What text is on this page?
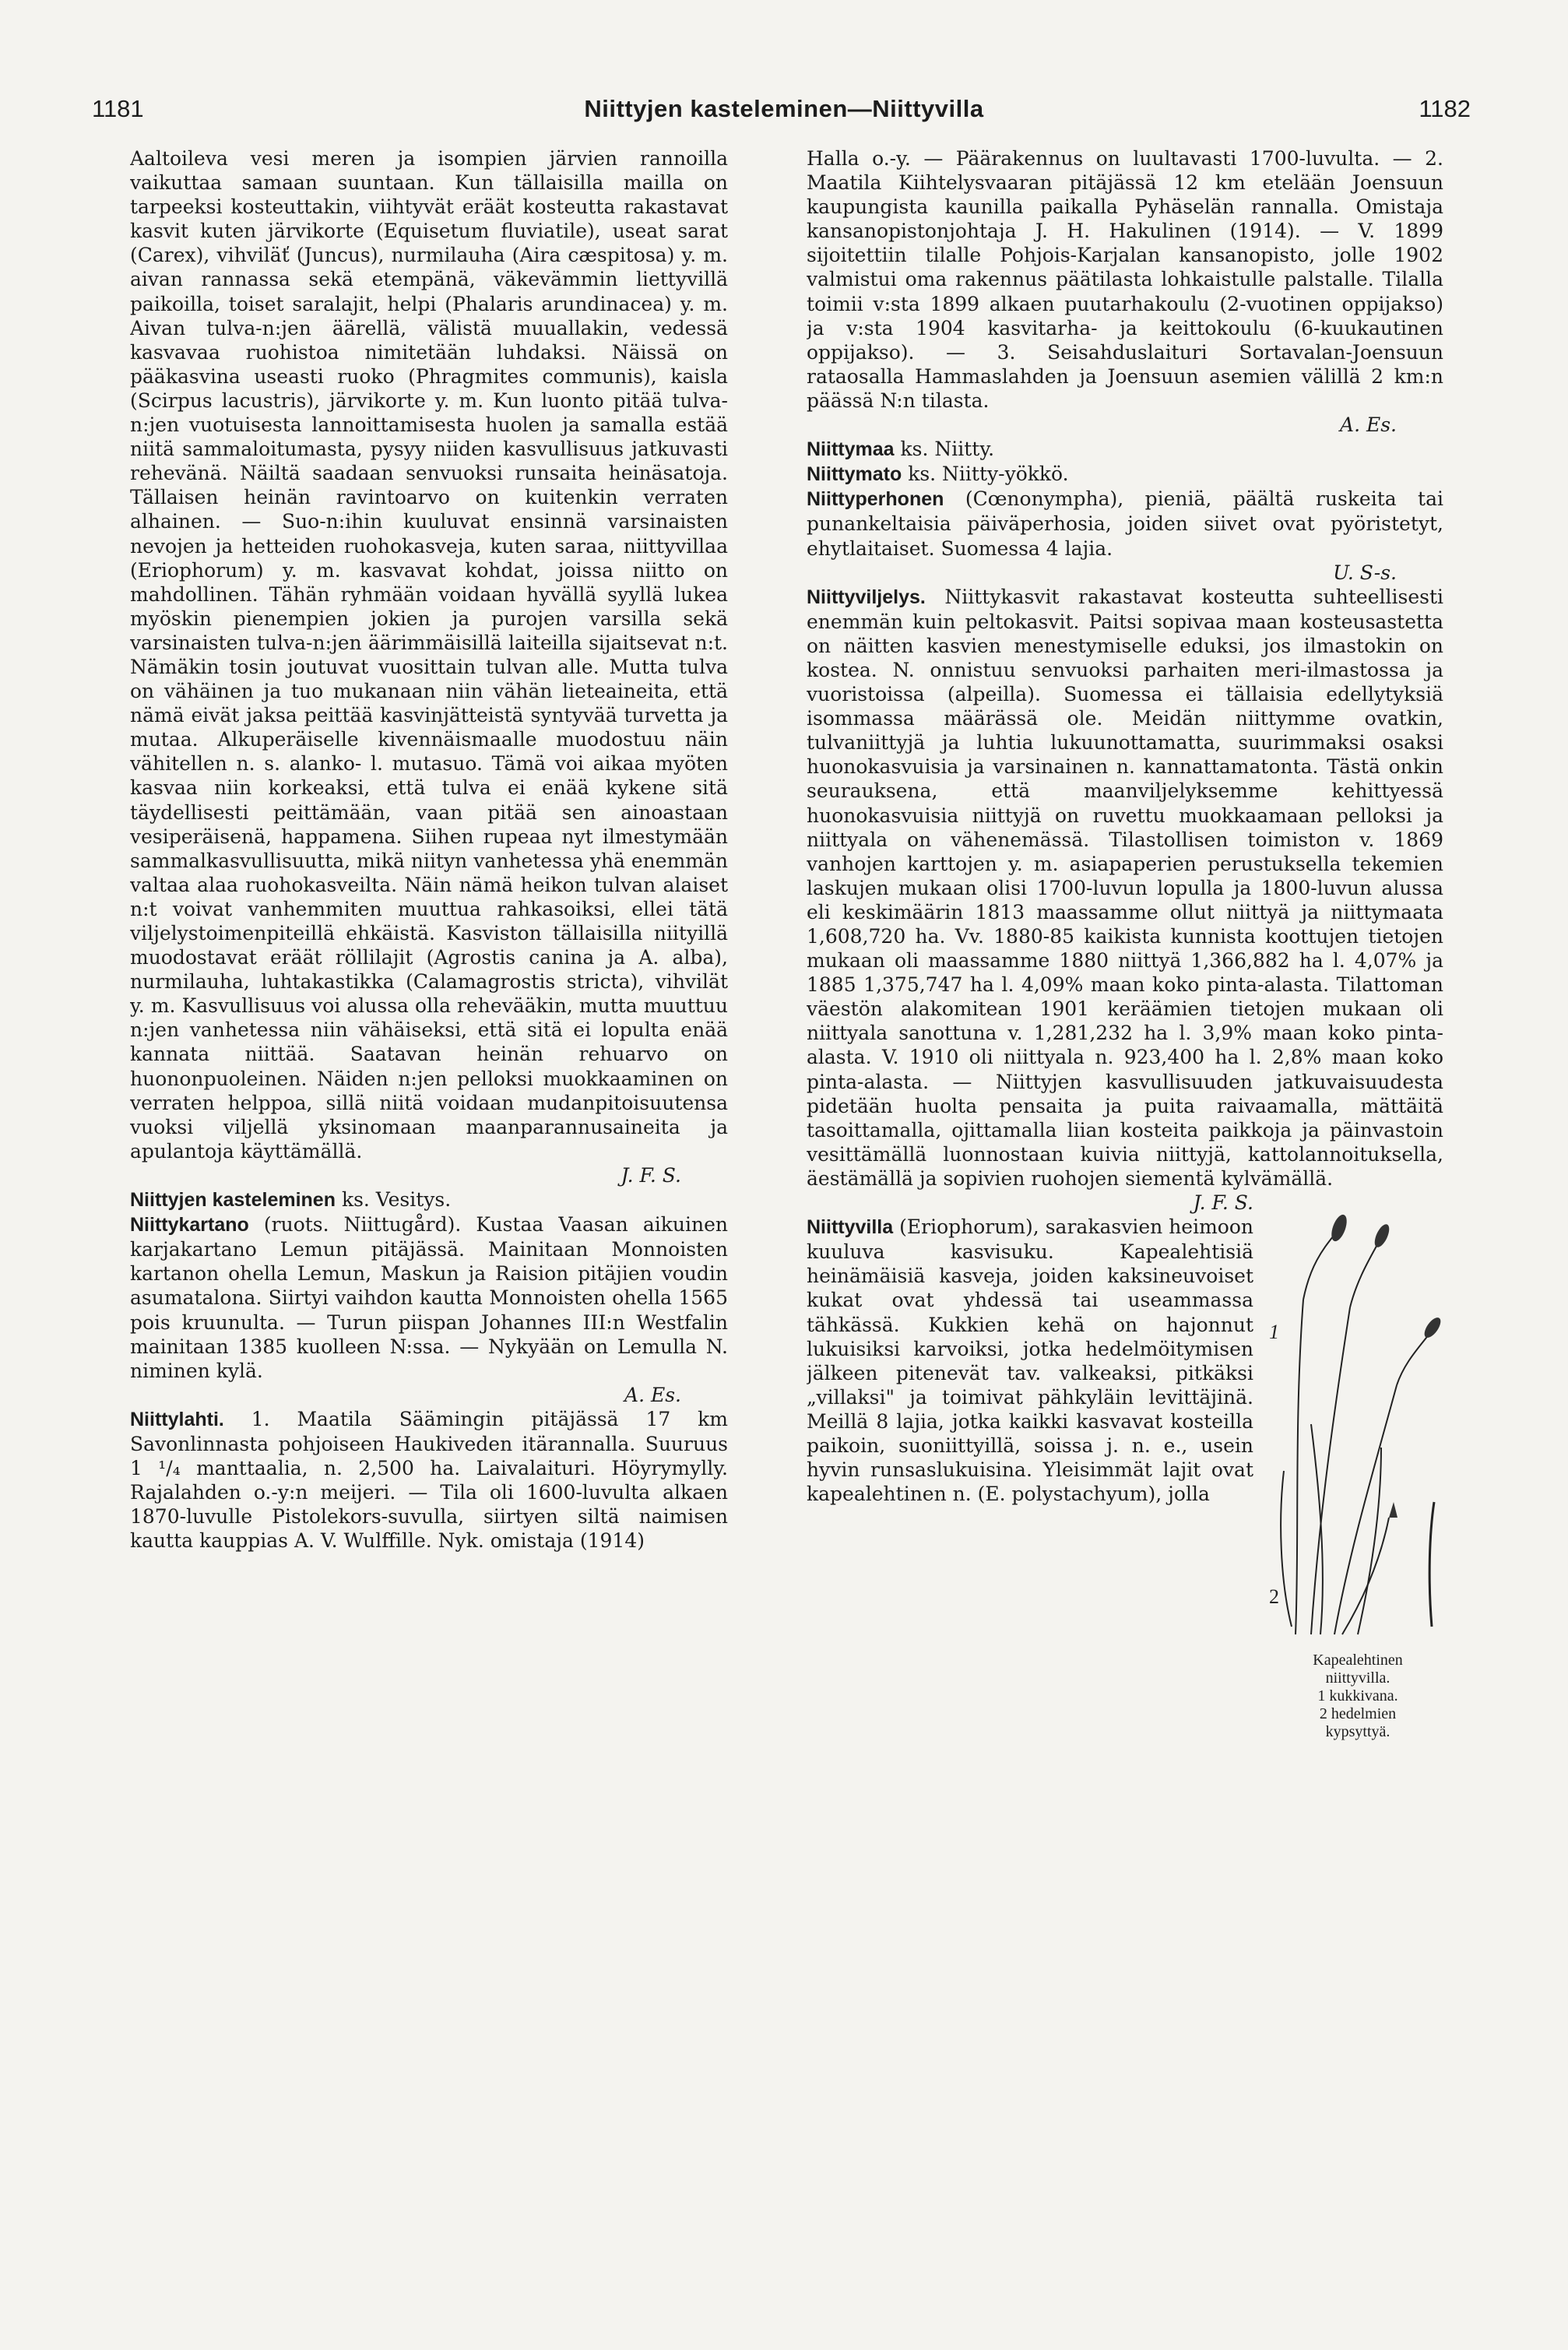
1181	Niittyjen kasteleminen—Niittyvilla	1182

Aaltoileva vesi meren ja isompien järvien rannoilla vaikuttaa samaan suuntaan. Kun tällaisilla mailla on tarpeeksi kosteuttakin, viihtyvät eräät kosteutta rakastavat kasvit kuten järvikorte (Equisetum fluviatile), useat sarat (Carex), vihviläť (Juncus), nurmilauha (Aira cæspitosa) y. m. aivan rannassa sekä etempänä, väkevämmin liettyvillä paikoilla, toiset saralajit, helpi (Phalaris arundinacea) y. m. Aivan tulva-n:jen äärellä, välistä muuallakin, vedessä kasvavaa ruohistoa nimitetään luhdaksi. Näissä on pääkasvina useasti ruoko (Phragmites communis), kaisla (Scirpus lacustris), järvikorte y. m. Kun luonto pitää tulva-n:jen vuotuisesta lannoittamisesta huolen ja samalla estää niitä sammaloitumasta, pysyy niiden kasvullisuus jatkuvasti rehevänä. Näiltä saadaan senvuoksi runsaita heinäsatoja. Tällaisen heinän ravintoarvo on kuitenkin verraten alhainen. — Suo-n:ihin kuuluvat ensinnä varsinaisten nevojen ja hetteiden ruohokasveja, kuten saraa, niittyvillaa (Eriophorum) y. m. kasvavat kohdat, joissa niitto on mahdollinen. Tähän ryhmään voidaan hyvällä syyllä lukea myöskin pienempien jokien ja purojen varsilla sekä varsinaisten tulva-n:jen äärimmäisillä laiteilla sijaitsevat n:t. Nämäkin tosin joutuvat vuosittain tulvan alle. Mutta tulva on vähäinen ja tuo mukanaan niin vähän lieteaineita, että nämä eivät jaksa peittää kasvinjätteistä syntyvää turvetta ja mutaa. Alkuperäiselle kivennäismaalle muodostuu näin vähitellen n. s. alanko- l. mutasuo. Tämä voi aikaa myöten kasvaa niin korkeaksi, että tulva ei enää kykene sitä täydellisesti peittämään, vaan pitää sen ainoastaan vesiperäisenä, happamena. Siihen rupeaa nyt ilmestymään sammalkasvullisuutta, mikä niityn vanhetessa yhä enemmän valtaa alaa ruohokasveilta. Näin nämä heikon tulvan alaiset n:t voivat vanhemmiten muuttua rahkasoiksi, ellei tätä viljelystoimenpiteillä ehkäistä. Kasviston tällaisilla niityillä muodostavat eräät röllilajit (Agrostis canina ja A. alba), nurmilauha, luhtakastikka (Calamagrostis stricta), vihvilät y. m. Kasvullisuus voi alussa olla rehevääkin, mutta muuttuu n:jen vanhetessa niin vähäiseksi, että sitä ei lopulta enää kannata niittää. Saatavan heinän rehuarvo on huononpuoleinen. Näiden n:jen pelloksi muokkaaminen on verraten helppoa, sillä niitä voidaan mudanpitoisuutensa vuoksi viljellä yksinomaan maanparannusaineita ja apulantoja käyttämällä.

J. F. S.

Niittyjen kasteleminen ks. Vesitys.

Niittykartano (ruots. Niittugård). Kustaa Vaasan aikuinen karjakartano Lemun pitäjässä. Mainitaan Monnoisten kartanon ohella Lemun, Maskun ja Raision pitäjien voudin asumatalona. Siirtyi vaihdon kautta Monnoisten ohella 1565 pois kruunulta. — Turun piispan Johannes III:n Westfalin mainitaan 1385 kuolleen N:ssa. — Nykyään on Lemulla N. niminen kylä.

A. Es.

Niittylahti. 1. Maatila Säämingin pitäjässä 17 km Savonlinnasta pohjoiseen Haukiveden itärannalla. Suuruus 1 ¹/₄ manttaalia, n. 2,500 ha. Laivalaituri. Höyrymylly. Rajalahden o.-y:n meijeri. — Tila oli 1600-luvulta alkaen 1870-luvulle Pistolekors-suvulla, siirtyen siltä naimisen kautta kauppias A. V. Wulffille. Nyk. omistaja (1914)

Halla o.-y. — Päärakennus on luultavasti 1700-luvulta. — 2. Maatila Kiihtelysvaaran pitäjässä 12 km etelään Joensuun kaupungista kaunilla paikalla Pyhäselän rannalla. Omistaja kansanopistonjohtaja J. H. Hakulinen (1914). — V. 1899 sijoitettiin tilalle Pohjois-Karjalan kansanopisto, jolle 1902 valmistui oma rakennus päätilasta lohkaistulle palstalle. Tilalla toimii v:sta 1899 alkaen puutarhakoulu (2-vuotinen oppijakso) ja v:sta 1904 kasvitarha- ja keittokoulu (6-kuukautinen oppijakso). — 3. Seisahduslaituri Sortavalan-Joensuun rataosalla Hammaslahden ja Joensuun asemien välillä 2 km:n päässä N:n tilasta.

A. Es.

Niittymaa ks. Niitty.

Niittymato ks. Niitty-yökkö.

Niittyperhonen (Cœnonympha), pieniä, päältä ruskeita tai punankeltaisia päiväperhosia, joiden siivet ovat pyöristetyt, ehytlaitaiset. Suomessa 4 lajia.

U. S-s.

Niittyviljelys. Niittykasvit rakastavat kosteutta suhteellisesti enemmän kuin peltokasvit. Paitsi sopivaa maan kosteusastetta on näitten kasvien menestymiselle eduksi, jos ilmastokin on kostea. N. onnistuu senvuoksi parhaiten meri-ilmastossa ja vuoristoissa (alpeilla). Suomessa ei tällaisia edellytyksiä isommassa määrässä ole. Meidän niittymme ovatkin, tulvaniittyjä ja luhtia lukuunottamatta, suurimmaksi osaksi huonokasvuisia ja varsinainen n. kannattamatonta. Tästä onkin seurauksena, että maanviljelyksemme kehittyessä huonokasvuisia niittyjä on ruvettu muokkaamaan pelloksi ja niittyala on vähenemässä. Tilastollisen toimiston v. 1869 vanhojen karttojen y. m. asiapaperien perustuksella tekemien laskujen mukaan olisi 1700-luvun lopulla ja 1800-luvun alussa eli keskimäärin 1813 maassamme ollut niittyä ja niittymaata 1,608,720 ha. Vv. 1880-85 kaikista kunnista koottujen tietojen mukaan oli maassamme 1880 niittyä 1,366,882 ha l. 4,07% ja 1885 1,375,747 ha l. 4,09% maan koko pinta-alasta. Tilattoman väestön alakomitean 1901 keräämien tietojen mukaan oli niittyala sanottuna v. 1,281,232 ha l. 3,9% maan koko pinta-alasta. V. 1910 oli niittyala n. 923,400 ha l. 2,8% maan koko pinta-alasta. — Niittyjen kasvullisuuden jatkuvaisuudesta pidetään huolta pensaita ja puita raivaamalla, mättäitä tasoittamalla, ojittamalla liian kosteita paikkoja ja päinvastoin vesittämällä luonnostaan kuivia niittyjä, kattolannoituksella, äestämällä ja sopivien ruohojen siementä kylvämällä.

1
2
Kapealehtinen
niittyvilla.
1 kukkivana.
2 hedelmien
kypsyttyä.
J. F. S.

Niittyvilla (Eriophorum), sarakasvien heimoon kuuluva kasvisuku. Kapealehtisiä heinämäisiä kasveja, joiden kaksineuvoiset kukat ovat yhdessä tai useammassa tähkässä. Kukkien kehä on hajonnut lukuisiksi karvoiksi, jotka hedelmöitymisen jälkeen pitenevät tav. valkeaksi, pitkäksi „villaksi" ja toimivat pähkyläin levittäjinä. Meillä 8 lajia, jotka kaikki kasvavat kosteilla paikoin, suoniittyillä, soissa j. n. e., usein hyvin runsaslukuisina. Yleisimmät lajit ovat kapealehtinen n. (E. polystachyum), jolla
